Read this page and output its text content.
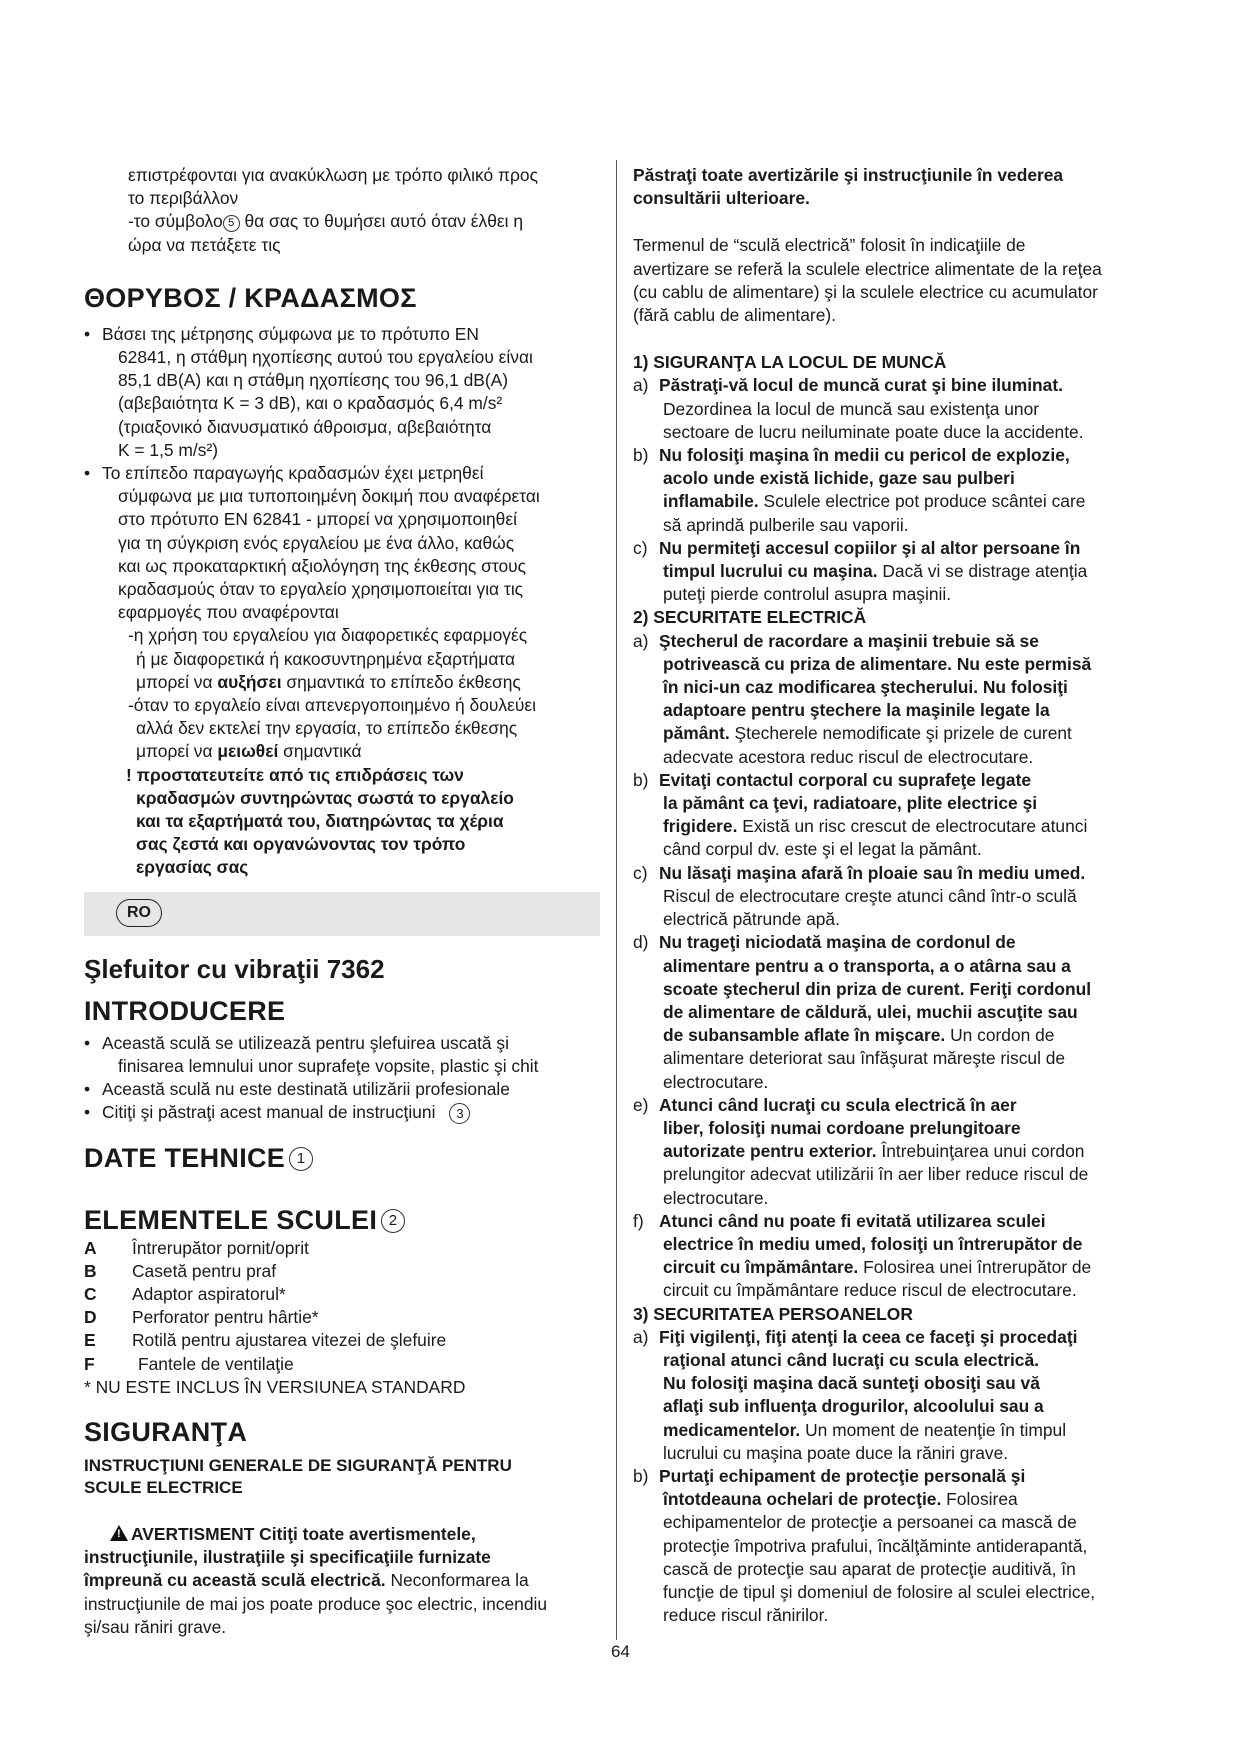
επιστρέφονται για ανακύκλωση με τρόπο φιλικό προς

το περιβάλλον

-το σύμβολο 5 θα σας το θυμήσει αυτό όταν έλθει η

ώρα να πετάξετε τις

ΘΟΡΥΒΟΣ / ΚΡΑΔΑΣΜΟΣ

• Βάσει της μέτρησης σύμφωνα με το πρότυπο EN
62841, η στάθμη ηχοπίεσης αυτού του εργαλείου είναι
85,1 dB(A) και η στάθμη ηχοπίεσης του 96,1 dB(A)
(αβεβαιότητα K = 3 dB), και ο κραδασμός 6,4 m/s²
(τριαξονικό διανυσματικό άθροισμα, αβεβαιότητα
K = 1,5 m/s²)
• Το επίπεδο παραγωγής κραδασμών έχει μετρηθεί
σύμφωνα με μια τυποποιημένη δοκιμή που αναφέρεται
στο πρότυπο EN 62841 - μπορεί να χρησιμοποιηθεί
για τη σύγκριση ενός εργαλείου με ένα άλλο, καθώς
και ως προκαταρκτική αξιολόγηση της έκθεσης στους
κραδασμούς όταν το εργαλείο χρησιμοποιείται για τις
εφαρμογές που αναφέρονται

-η χρήση του εργαλείου για διαφορετικές εφαρμογές

ή με διαφορετικά ή κακοσυντηρημένα εξαρτήματα

μπορεί να αυξήσει σημαντικά το επίπεδο έκθεσης

-όταν το εργαλείο είναι απενεργοποιημένο ή δουλεύει

αλλά δεν εκτελεί την εργασία, το επίπεδο έκθεσης

μπορεί να μειωθεί σημαντικά

! προστατευτείτε από τις επιδράσεις των

κραδασμών συντηρώντας σωστά το εργαλείο

και τα εξαρτήματά του, διατηρώντας τα χέρια

σας ζεστά και οργανώνοντας τον τρόπο

εργασίας σας

RO

Şlefuitor cu vibraţii 7362

INTRODUCERE

• Această sculă se utilizează pentru şlefuirea uscată şi
finisarea lemnului unor suprafeţe vopsite, plastic şi chit
• Această sculă nu este destinată utilizării profesionale
• Citiţi şi păstraţi acest manual de instrucţiuni 3

DATE TEHNICE 1

ELEMENTELE SCULEI 2

A	Întrerupător pornit/oprit
B	Casetă pentru praf
C	Adaptor aspiratorul*
D	Perforator pentru hârtie*
E	Rotilă pentru ajustarea vitezei de şlefuire
F	Fantele de ventilaţie

* NU ESTE INCLUS ÎN VERSIUNEA STANDARD

SIGURANŢA

INSTRUCŢIUNI GENERALE DE SIGURANŢĂ PENTRU

SCULE ELECTRICE

!AVERTISMENT Citiţi toate avertismentele,

instrucţiunile, ilustraţiile şi specificaţiile furnizate

împreună cu această sculă electrică. Neconformarea la

instrucţiunile de mai jos poate produce şoc electric, incendiu

şi/sau răniri grave.

Păstraţi toate avertizările şi instrucţiunile în vederea

consultării ulterioare.

Termenul de “sculă electrică” folosit în indicaţiile de

avertizare se referă la sculele electrice alimentate de la reţea

(cu cablu de alimentare) şi la sculele electrice cu acumulator

(fără cablu de alimentare).

1) SIGURANŢA LA LOCUL DE MUNCĂ

a) Păstraţi-vă locul de muncă curat şi bine iluminat.

Dezordinea la locul de muncă sau existenţa unor

sectoare de lucru neiluminate poate duce la accidente.

b) Nu folosiţi maşina în medii cu pericol de explozie,

acolo unde există lichide, gaze sau pulberi

inflamabile. Sculele electrice pot produce scântei care

să aprindă pulberile sau vaporii.

c) Nu permiteţi accesul copiilor şi al altor persoane în

timpul lucrului cu maşina. Dacă vi se distrage atenţia

puteţi pierde controlul asupra maşinii.

2) SECURITATE ELECTRICĂ

a) Ştecherul de racordare a maşinii trebuie să se

potrivească cu priza de alimentare. Nu este permisă

în nici-un caz modificarea ştecherului. Nu folosiţi

adaptoare pentru ştechere la maşinile legate la

pământ. Ştecherele nemodificate şi prizele de curent

adecvate acestora reduc riscul de electrocutare.

b) Evitaţi contactul corporal cu suprafeţe legate

la pământ ca ţevi, radiatoare, plite electrice şi

frigidere. Există un risc crescut de electrocutare atunci

când corpul dv. este şi el legat la pământ.

c) Nu lăsaţi maşina afară în ploaie sau în mediu umed.

Riscul de electrocutare creşte atunci când într-o sculă

electrică pătrunde apă.

d) Nu trageţi niciodată maşina de cordonul de

alimentare pentru a o transporta, a o atârna sau a

scoate ştecherul din priza de curent. Feriţi cordonul

de alimentare de căldură, ulei, muchii ascuţite sau

de subansamble aflate în mişcare. Un cordon de

alimentare deteriorat sau înfăşurat măreşte riscul de

electrocutare.

e) Atunci când lucraţi cu scula electrică în aer

liber, folosiţi numai cordoane prelungitoare

autorizate pentru exterior. Întrebuinţarea unui cordon

prelungitor adecvat utilizării în aer liber reduce riscul de

electrocutare.

f) Atunci când nu poate fi evitată utilizarea sculei

electrice în mediu umed, folosiţi un întrerupător de

circuit cu împământare. Folosirea unei întrerupător de

circuit cu împământare reduce riscul de electrocutare.

3) SECURITATEA PERSOANELOR

a) Fiţi vigilenţi, fiţi atenţi la ceea ce faceţi şi procedaţi

raţional atunci când lucraţi cu scula electrică.

Nu folosiţi maşina dacă sunteţi obosiţi sau vă

aflaţi sub influenţa drogurilor, alcoolului sau a

medicamentelor. Un moment de neatenţie în timpul

lucrului cu maşina poate duce la răniri grave.

b) Purtaţi echipament de protecţie personală şi

întotdeauna ochelari de protecţie. Folosirea

echipamentelor de protecţie a persoanei ca mască de

protecţie împotriva prafului, încălţăminte antiderapantă,

cască de protecţie sau aparat de protecţie auditivă, în

funcţie de tipul şi domeniul de folosire al sculei electrice,

reduce riscul rănirilor.

64
